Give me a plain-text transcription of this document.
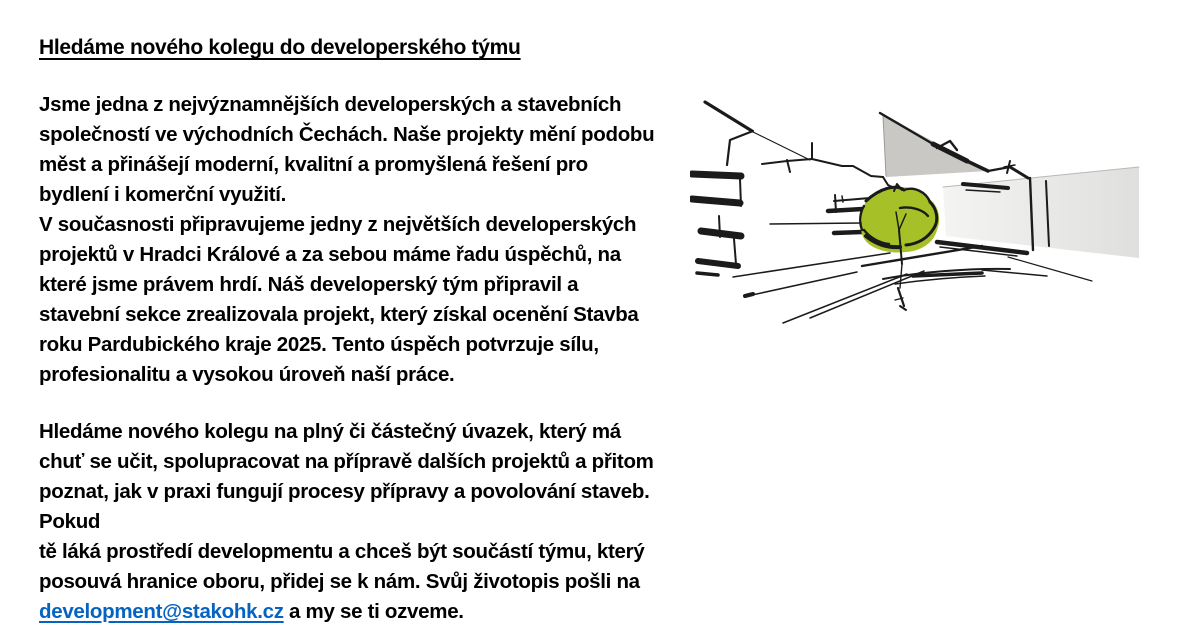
Hledáme nového kolegu do developerského týmu
Jsme jedna z nejvýznamnějších developerských a stavebních
společností ve východních Čechách. Naše projekty mění podobu
měst a přinášejí moderní, kvalitní a promyšlená řešení pro
bydlení i komerční využití.
V současnosti připravujeme jedny z největších developerských
projektů v Hradci Králové a za sebou máme řadu úspěchů, na
které jsme právem hrdí. Náš developerský tým připravil a
stavební sekce zrealizovala projekt, který získal ocenění Stavba
roku Pardubického kraje 2025. Tento úspěch potvrzuje sílu,
profesionalitu a vysokou úroveň naší práce.
Hledáme nového kolegu na plný či částečný úvazek, který má
chuť se učit, spolupracovat na přípravě dalších projektů a přitom
poznat, jak v praxi fungují procesy přípravy a povolování staveb.
Pokud
tě láká prostředí developmentu a chceš být součástí týmu, který
posouvá hranice oboru, přidej se k nám. Svůj životopis pošli na
development@stakohk.cz a my se ti ozveme.
